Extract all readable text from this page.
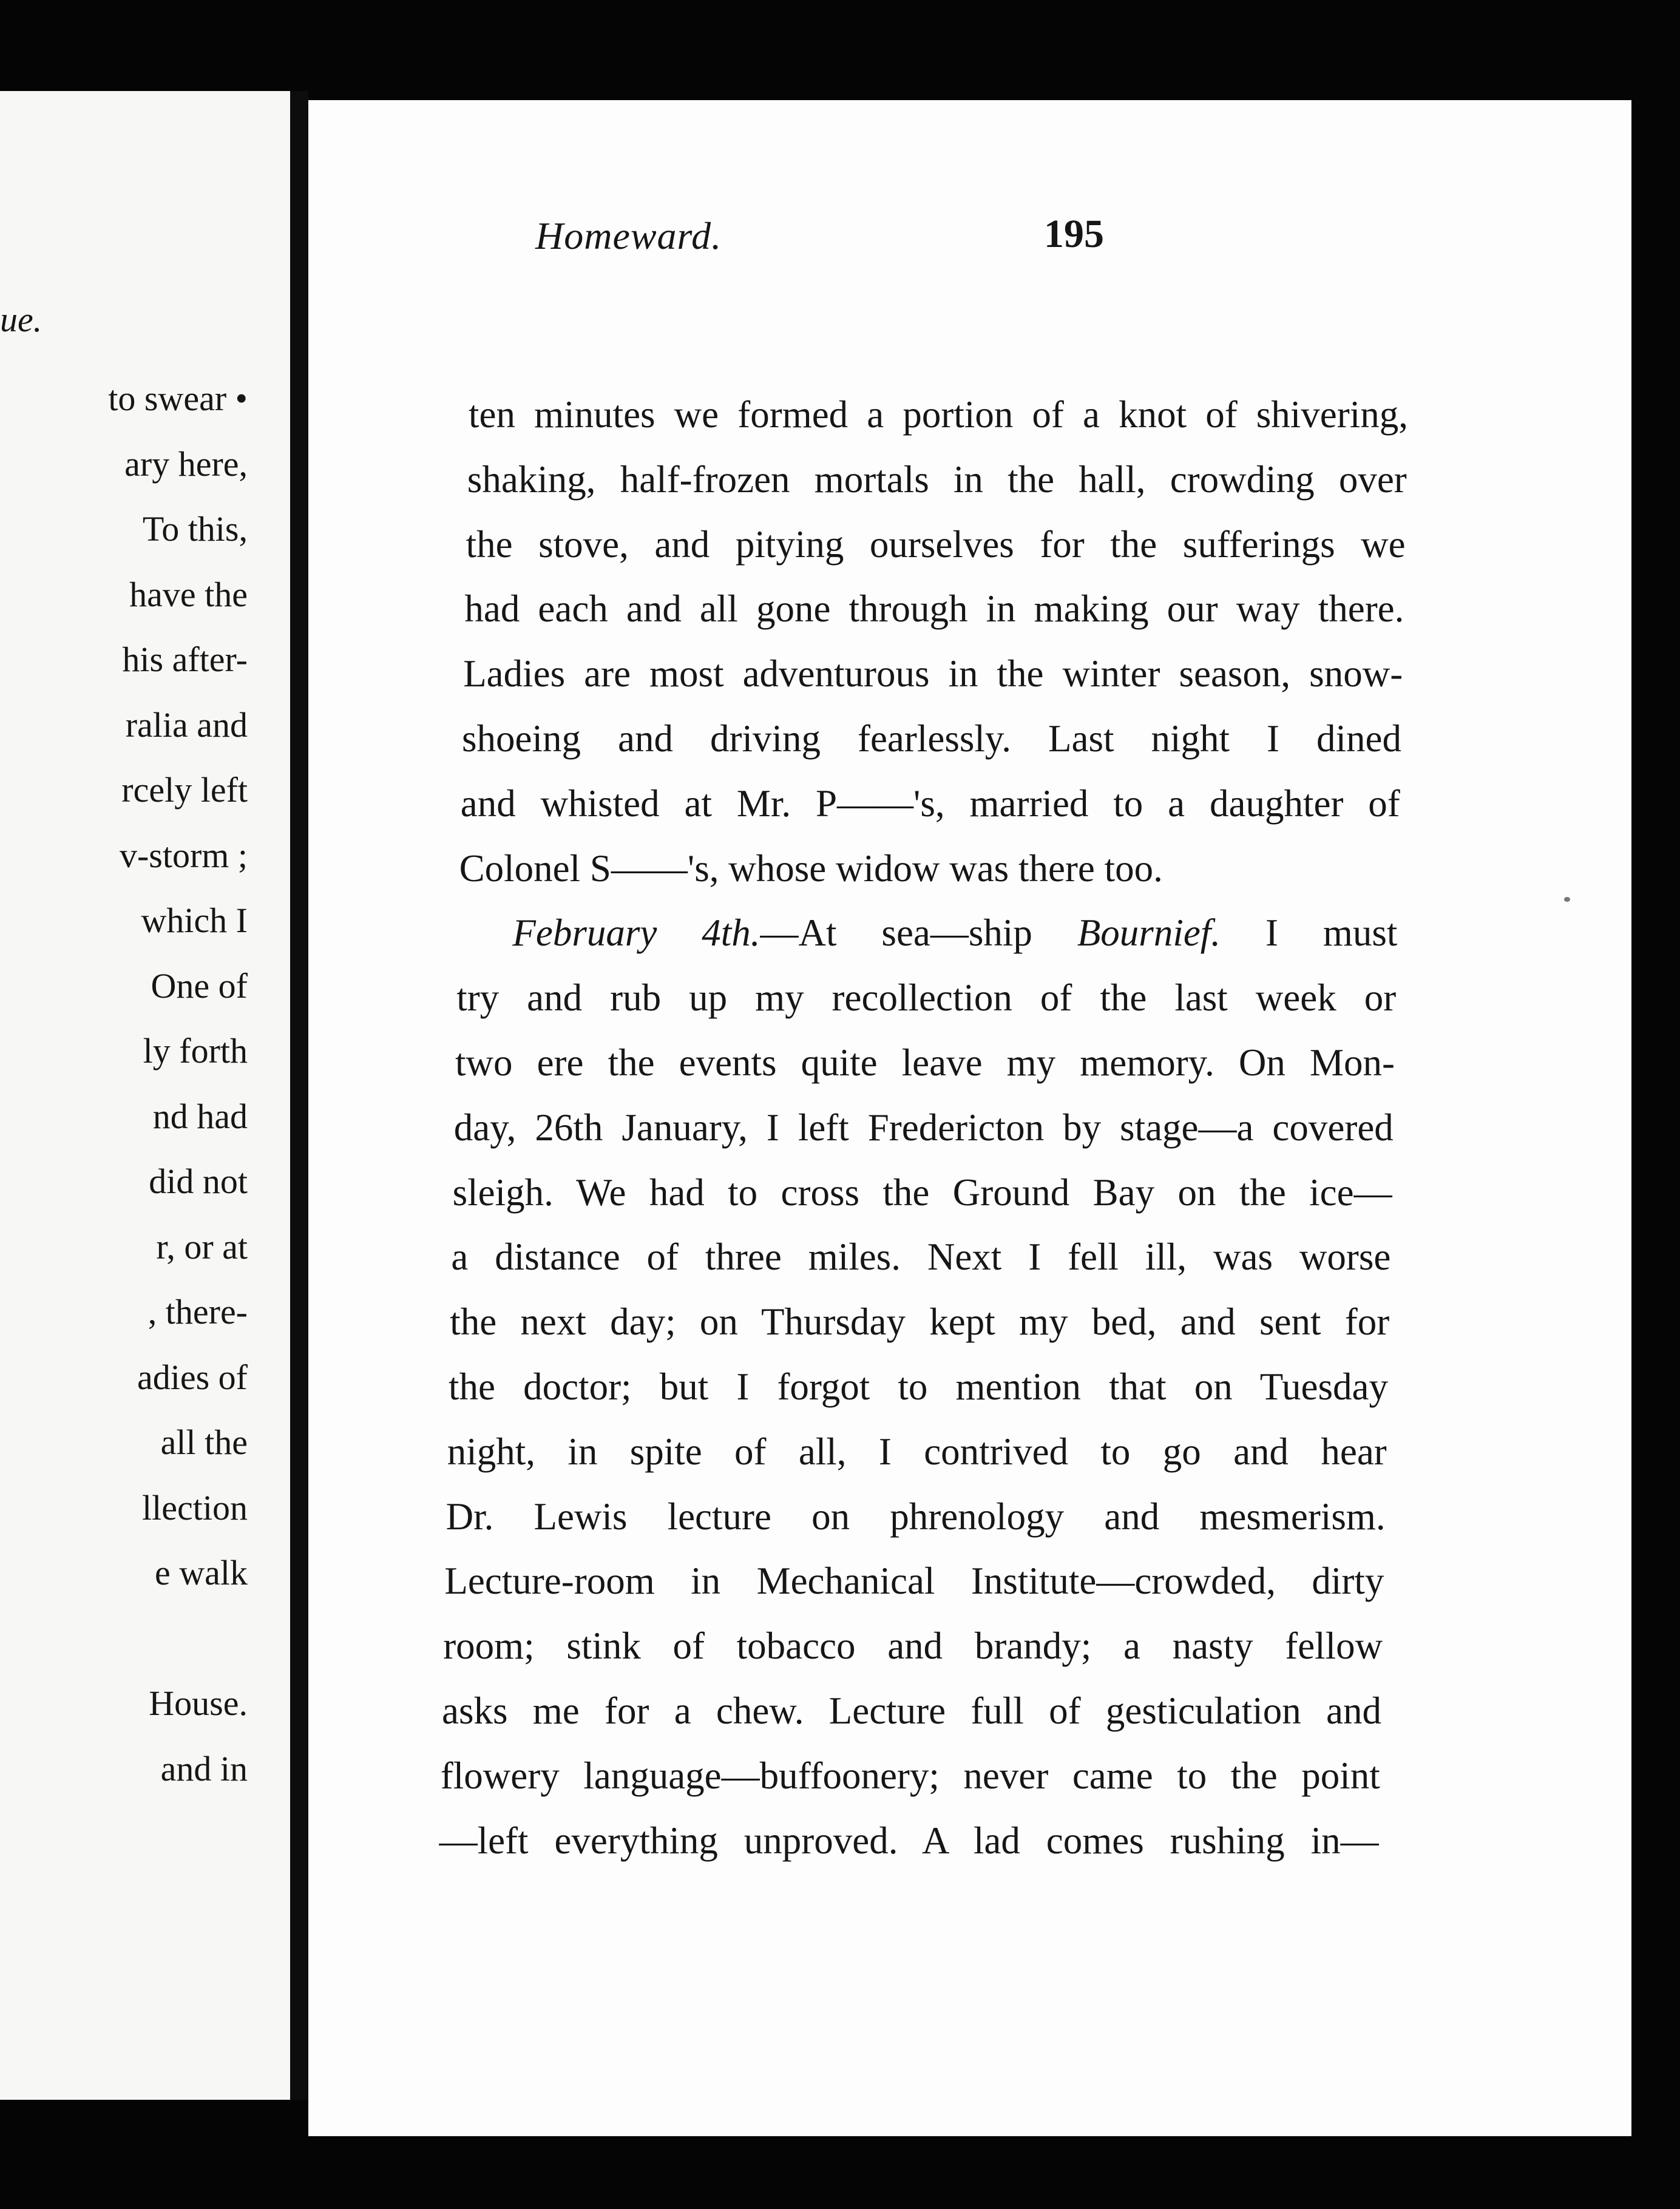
ue.
to swear •
ary here,
To this,
have the
his after-
ralia and
rcely left
v-storm ;
which I
One of
ly forth
nd had
did not
r, or at
, there-
adies of
all the
llection
e walk
House.
and in
Homeward.	195
ten minutes we formed a portion of a knot of shivering,
shaking, half-frozen mortals in the hall, crowding over
the stove, and pitying ourselves for the sufferings we
had each and all gone through in making our way there.
Ladies are most adventurous in the winter season, snow-
shoeing and driving fearlessly. Last night I dined
and whisted at Mr. P——'s, married to a daughter of
Colonel S——'s, whose widow was there too.
February 4th.—At sea—ship Bournief. I must
try and rub up my recollection of the last week or
two ere the events quite leave my memory. On Mon-
day, 26th January, I left Fredericton by stage—a covered
sleigh. We had to cross the Ground Bay on the ice—
a distance of three miles. Next I fell ill, was worse
the next day; on Thursday kept my bed, and sent for
the doctor; but I forgot to mention that on Tuesday
night, in spite of all, I contrived to go and hear
Dr. Lewis lecture on phrenology and mesmerism.
Lecture-room in Mechanical Institute—crowded, dirty
room; stink of tobacco and brandy; a nasty fellow
asks me for a chew. Lecture full of gesticulation and
flowery language—buffoonery; never came to the point
—left everything unproved. A lad comes rushing in—
